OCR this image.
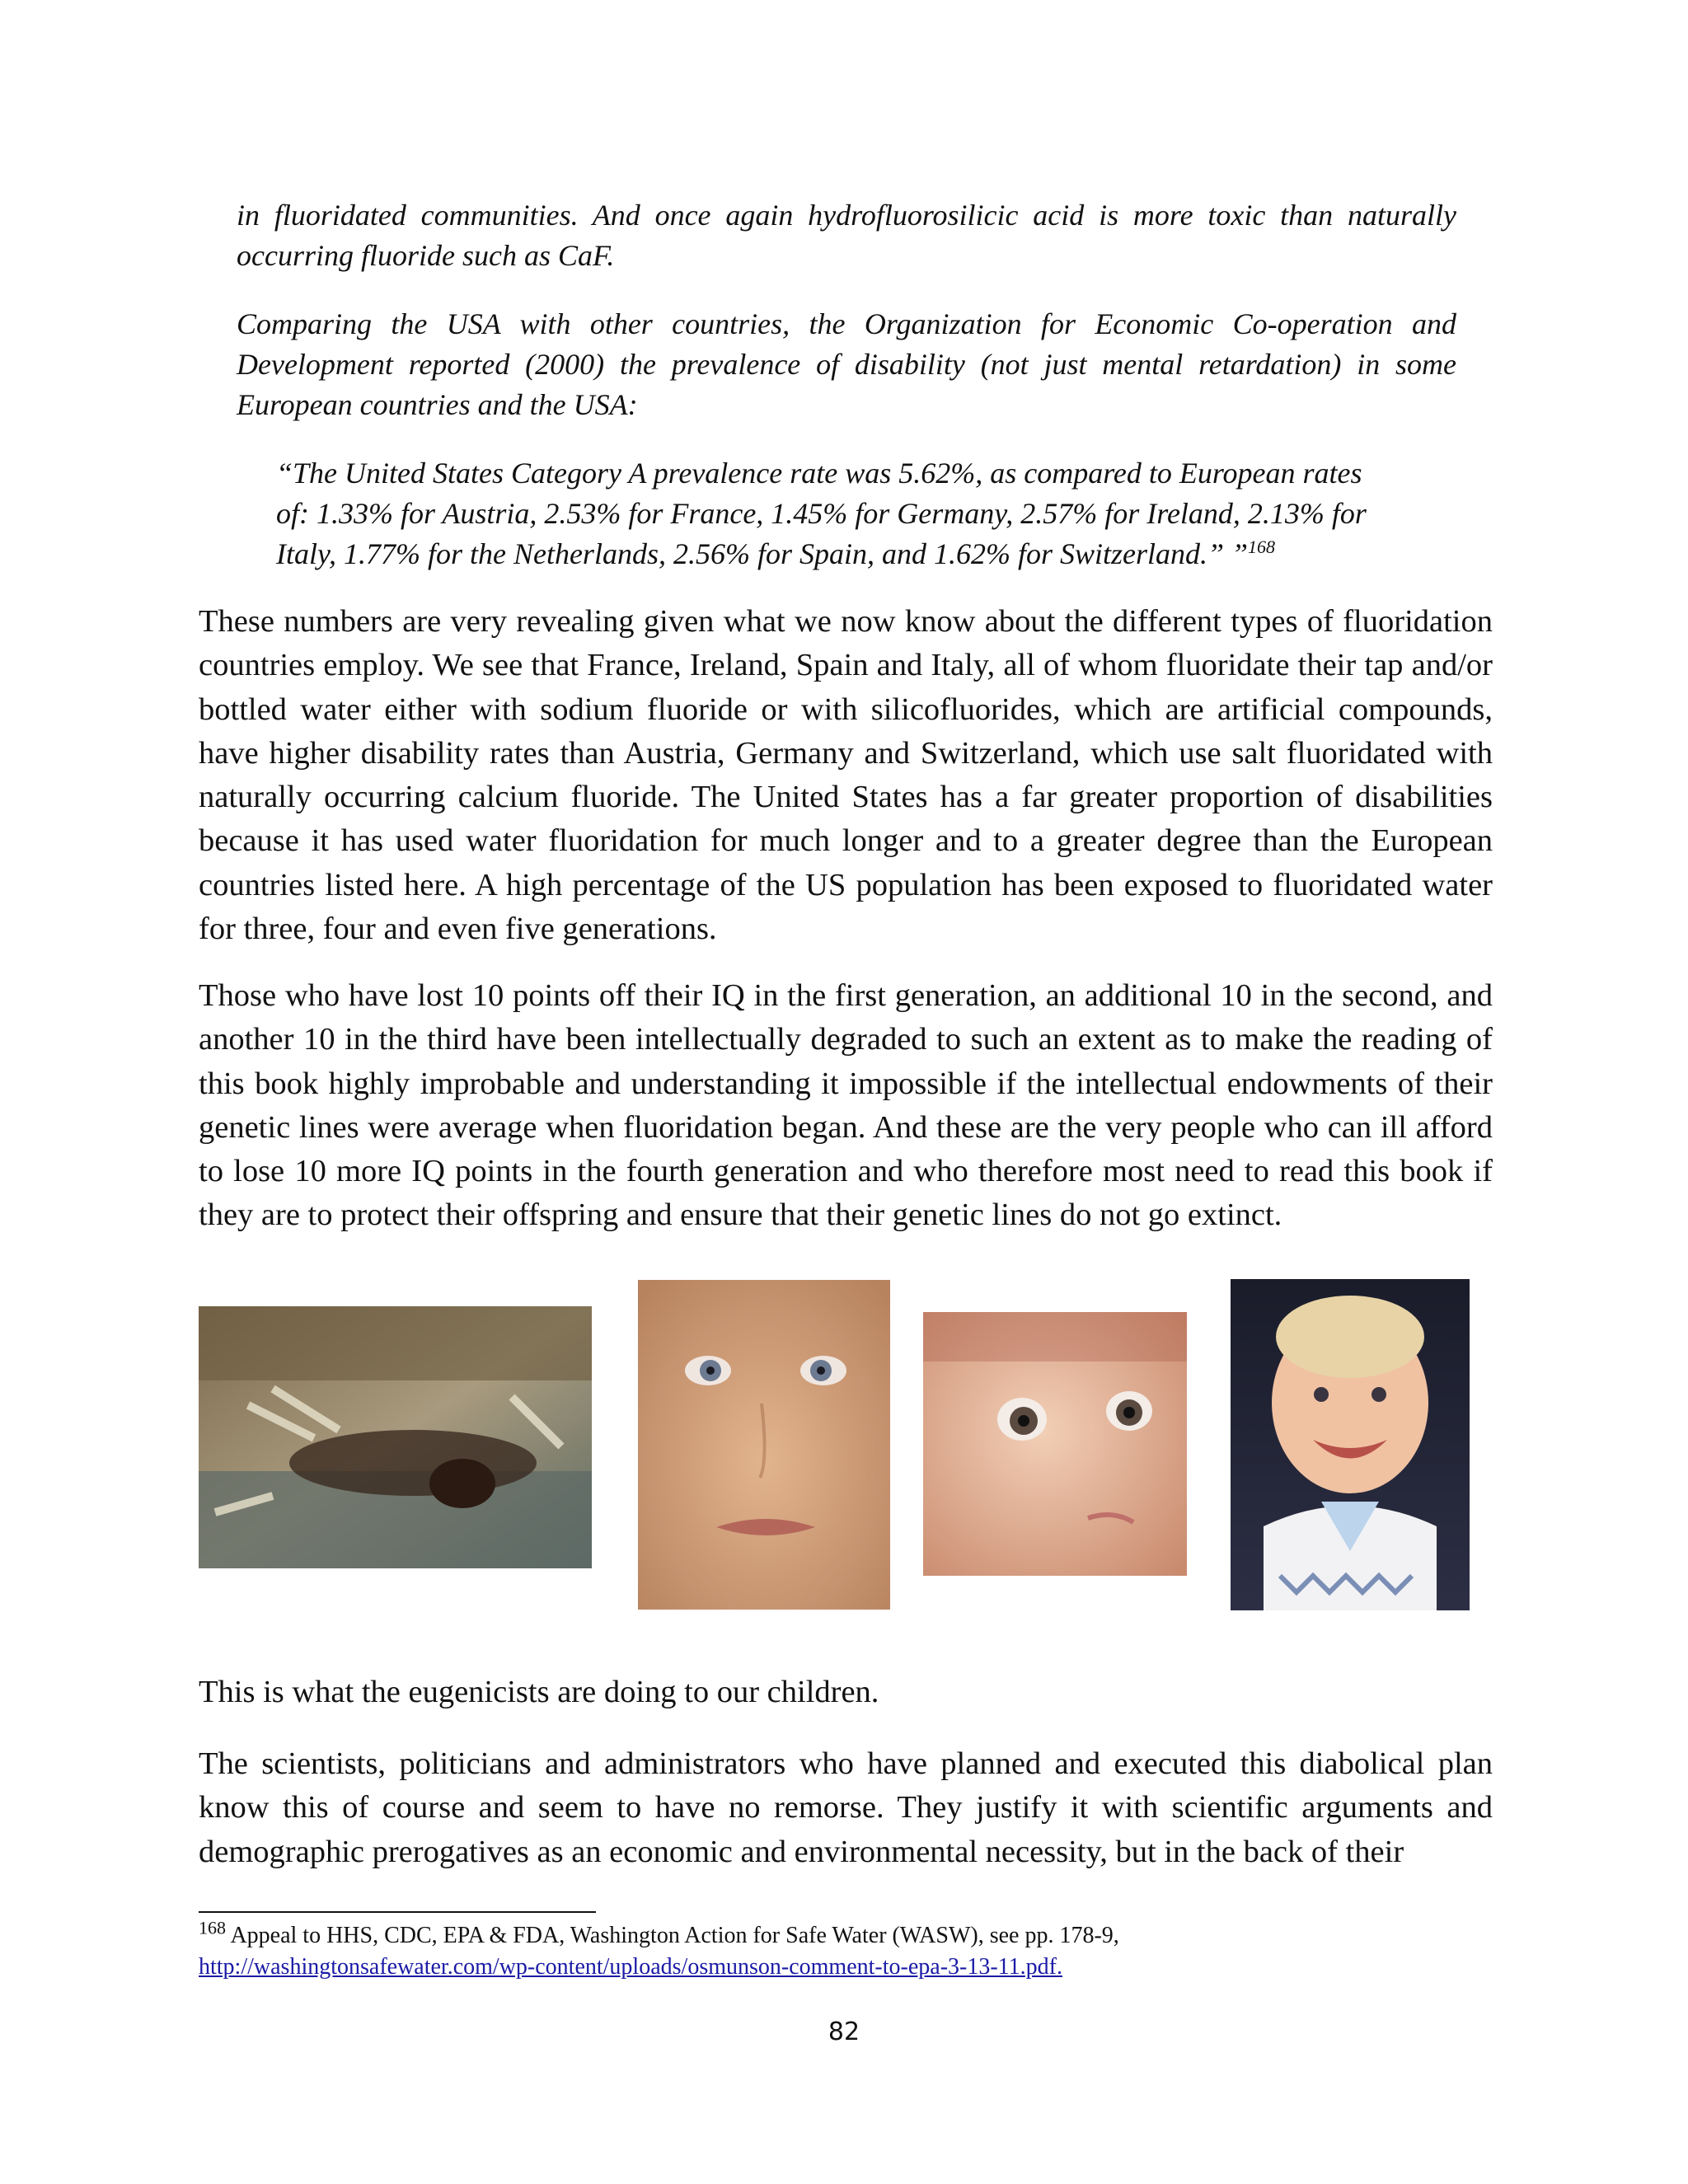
in fluoridated communities. And once again hydrofluorosilicic acid is more toxic than naturally occurring fluoride such as CaF.

Comparing the USA with other countries, the Organization for Economic Co-operation and Development reported (2000) the prevalence of disability (not just mental retardation) in some European countries and the USA:

“The United States Category A prevalence rate was 5.62%, as compared to European rates
of: 1.33% for Austria, 2.53% for France, 1.45% for Germany, 2.57% for Ireland, 2.13% for
Italy, 1.77% for the Netherlands, 2.56% for Spain, and 1.62% for Switzerland.” ”$^{168}$

These numbers are very revealing given what we now know about the different types of fluoridation countries employ. We see that France, Ireland, Spain and Italy, all of whom fluoridate their tap and/or bottled water either with sodium fluoride or with silicofluorides, which are artificial compounds, have higher disability rates than Austria, Germany and Switzerland, which use salt fluoridated with naturally occurring calcium fluoride. The United States has a far greater proportion of disabilities because it has used water fluoridation for much longer and to a greater degree than the European countries listed here. A high percentage of the US population has been exposed to fluoridated water for three, four and even five generations.

Those who have lost 10 points off their IQ in the first generation, an additional 10 in the second, and another 10 in the third have been intellectually degraded to such an extent as to make the reading of this book highly improbable and understanding it impossible if the intellectual endowments of their genetic lines were average when fluoridation began. And these are the very people who can ill afford to lose 10 more IQ points in the fourth generation and who therefore most need to read this book if they are to protect their offspring and ensure that their genetic lines do not go extinct.

This is what the eugenicists are doing to our children.

The scientists, politicians and administrators who have planned and executed this diabolical plan know this of course and seem to have no remorse. They justify it with scientific arguments and demographic prerogatives as an economic and environmental necessity, but in the back of their

$^{168}$ Appeal to HHS, CDC, EPA & FDA, Washington Action for Safe Water (WASW), see pp. 178-9,
http://washingtonsafewater.com/wp-content/uploads/osmunson-comment-to-epa-3-13-11.pdf.
82
